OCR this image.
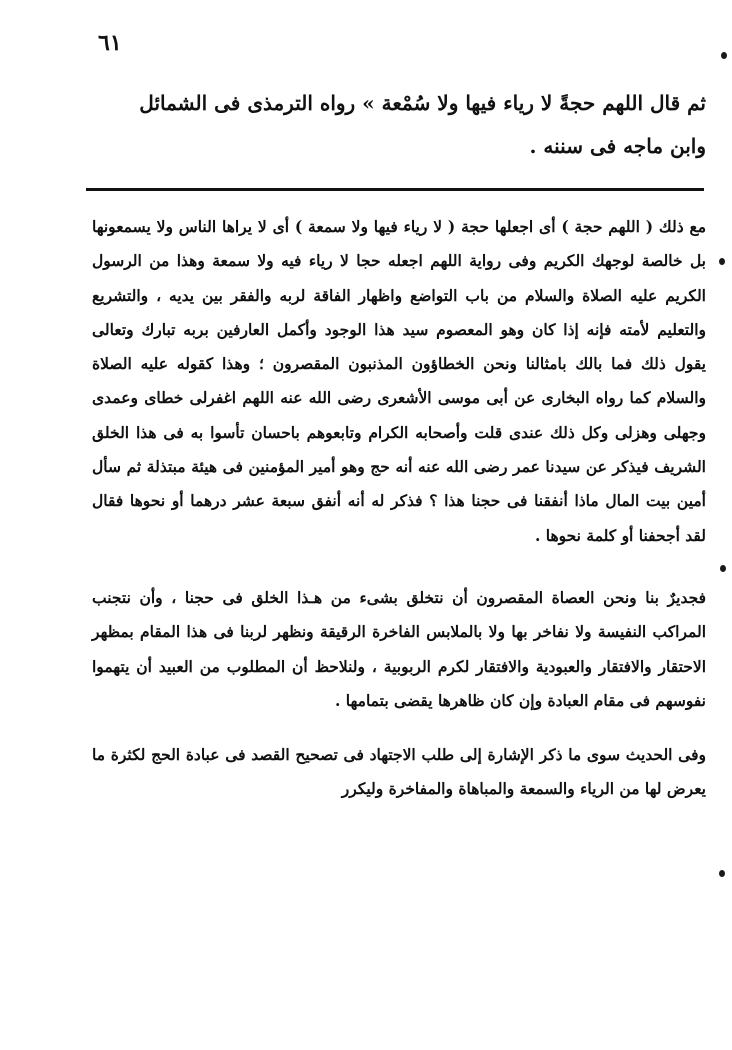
٦١

ثم قال اللهم حجةً لا رياء فيها ولا سُمْعة » رواه الترمذى فى الشمائل

وابن ماجه فى سننه .

مع ذلك ( اللهم حجة ) أى اجعلها حجة ( لا رياء فيها ولا سمعة ) أى لا يراها الناس ولا يسمعونها بل خالصة لوجهك الكريم وفى رواية اللهم اجعله حجا لا رياء فيه ولا سمعة وهذا من الرسول الكريم عليه الصلاة والسلام من باب التواضع واظهار الفاقة لربه والفقر بين يديه ، والتشريع والتعليم لأمته فإنه إذا كان وهو المعصوم سيد هذا الوجود وأكمل العارفين بربه تبارك وتعالى يقول ذلك فما بالك بامثالنا ونحن الخطاؤون المذنبون المقصرون ؛ وهذا كقوله عليه الصلاة والسلام كما رواه البخارى عن أبى موسى الأشعرى رضى الله عنه اللهم اغفرلى خطاى وعمدى وجهلى وهزلى وكل ذلك عندى قلت وأصحابه الكرام وتابعوهم باحسان تأسوا به فى هذا الخلق الشريف فيذكر عن سيدنا عمر رضى الله عنه أنه حج وهو أمير المؤمنين فى هيئة مبتذلة ثم سأل أمين بيت المال ماذا أنفقنا فى حجنا هذا ؟ فذكر له أنه أنفق سبعة عشر درهما أو نحوها فقال لقد أجحفنا أو كلمة نحوها .

فجديرٌ بنا ونحن العصاة المقصرون أن نتخلق بشىء من هـذا الخلق فى حجنا ، وأن نتجنب المراكب النفيسة ولا نفاخر بها ولا بالملابس الفاخرة الرقيقة ونظهر لربنا فى هذا المقام بمظهر الاحتقار والافتقار والعبودية والافتقار لكرم الربوبية ، ولنلاحظ أن المطلوب من العبيد أن يتهموا نفوسهم فى مقام العبادة وإن كان ظاهرها يقضى بتمامها .

وفى الحديث سوى ما ذكر الإشارة إلى طلب الاجتهاد فى تصحيح القصد فى عبادة الحج لكثرة ما يعرض لها من الرياء والسمعة والمباهاة والمفاخرة وليكرر
